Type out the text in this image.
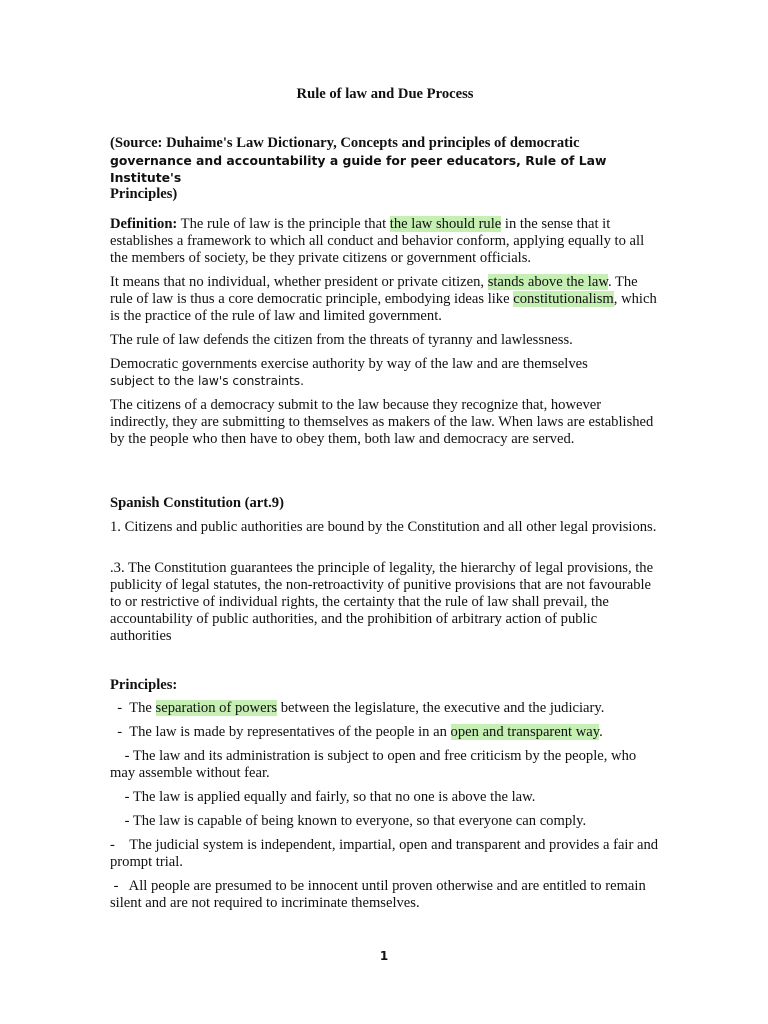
Rule of law and Due Process
(Source: Duhaime's Law Dictionary, Concepts and principles of democratic
governance and accountability a guide for peer educators, Rule of Law Institute's
Principles)
Definition: The rule of law is the principle that the law should rule in the sense that it establishes a framework to which all conduct and behavior conform, applying equally to all the members of society, be they private citizens or government officials.
It means that no individual, whether president or private citizen, stands above the law. The rule of law is thus a core democratic principle, embodying ideas like constitutionalism, which is the practice of the rule of law and limited government.
The rule of law defends the citizen from the threats of tyranny and lawlessness.
Democratic governments exercise authority by way of the law and are themselves
subject to the law's constraints.
The citizens of a democracy submit to the law because they recognize that, however indirectly, they are submitting to themselves as makers of the law. When laws are established by the people who then have to obey them, both law and democracy are served.
Spanish Constitution (art.9)
1. Citizens and public authorities are bound by the Constitution and all other legal provisions.
.3. The Constitution guarantees the principle of legality, the hierarchy of legal provisions, the publicity of legal statutes, the non-retroactivity of punitive provisions that are not favourable to or restrictive of individual rights, the certainty that the rule of law shall prevail, the accountability of public authorities, and the prohibition of arbitrary action of public authorities
Principles:
-  The separation of powers between the legislature, the executive and the judiciary.
-  The law is made by representatives of the people in an open and transparent way.
- The law and its administration is subject to open and free criticism by the people, who may assemble without fear.
- The law is applied equally and fairly, so that no one is above the law.
- The law is capable of being known to everyone, so that everyone can comply.
-    The judicial system is independent, impartial, open and transparent and provides a fair and prompt trial.
-   All people are presumed to be innocent until proven otherwise and are entitled to remain silent and are not required to incriminate themselves.
1
